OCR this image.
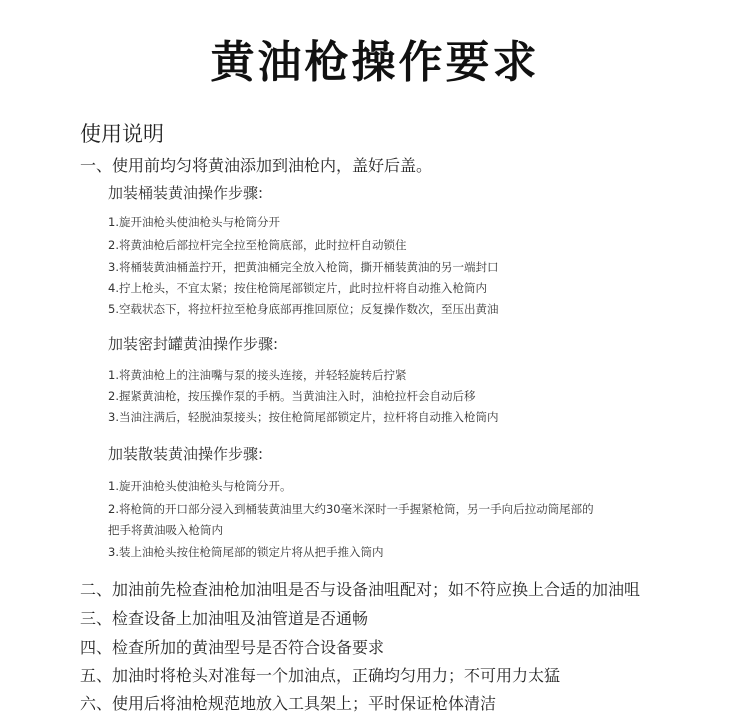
黄油枪操作要求
使用说明
一、使用前均匀将黄油添加到油枪内，盖好后盖。
加装桶装黄油操作步骤:
1.旋开油枪头使油枪头与枪筒分开
2.将黄油枪后部拉杆完全拉至枪筒底部，此时拉杆自动锁住
3.将桶装黄油桶盖拧开，把黄油桶完全放入枪筒，撕开桶装黄油的另一端封口
4.拧上枪头，不宜太紧；按住枪筒尾部锁定片，此时拉杆将自动推入枪筒内
5.空载状态下，将拉杆拉至枪身底部再推回原位；反复操作数次，至压出黄油
加装密封罐黄油操作步骤:
1.将黄油枪上的注油嘴与泵的接头连接，并轻轻旋转后拧紧
2.握紧黄油枪，按压操作泵的手柄。当黄油注入时，油枪拉杆会自动后移
3.当油注满后，轻脱油泵接头；按住枪筒尾部锁定片，拉杆将自动推入枪筒内
加装散装黄油操作步骤:
1.旋开油枪头使油枪头与枪筒分开。
2.将枪筒的开口部分浸入到桶装黄油里大约30毫米深时一手握紧枪筒，另一手向后拉动筒尾部的
把手将黄油吸入枪筒内
3.装上油枪头按住枪筒尾部的锁定片将从把手推入筒内
二、加油前先检查油枪加油咀是否与设备油咀配对；如不符应换上合适的加油咀
三、检查设备上加油咀及油管道是否通畅
四、检查所加的黄油型号是否符合设备要求
五、加油时将枪头对准每一个加油点，正确均匀用力；不可用力太猛
六、使用后将油枪规范地放入工具架上；平时保证枪体清洁
